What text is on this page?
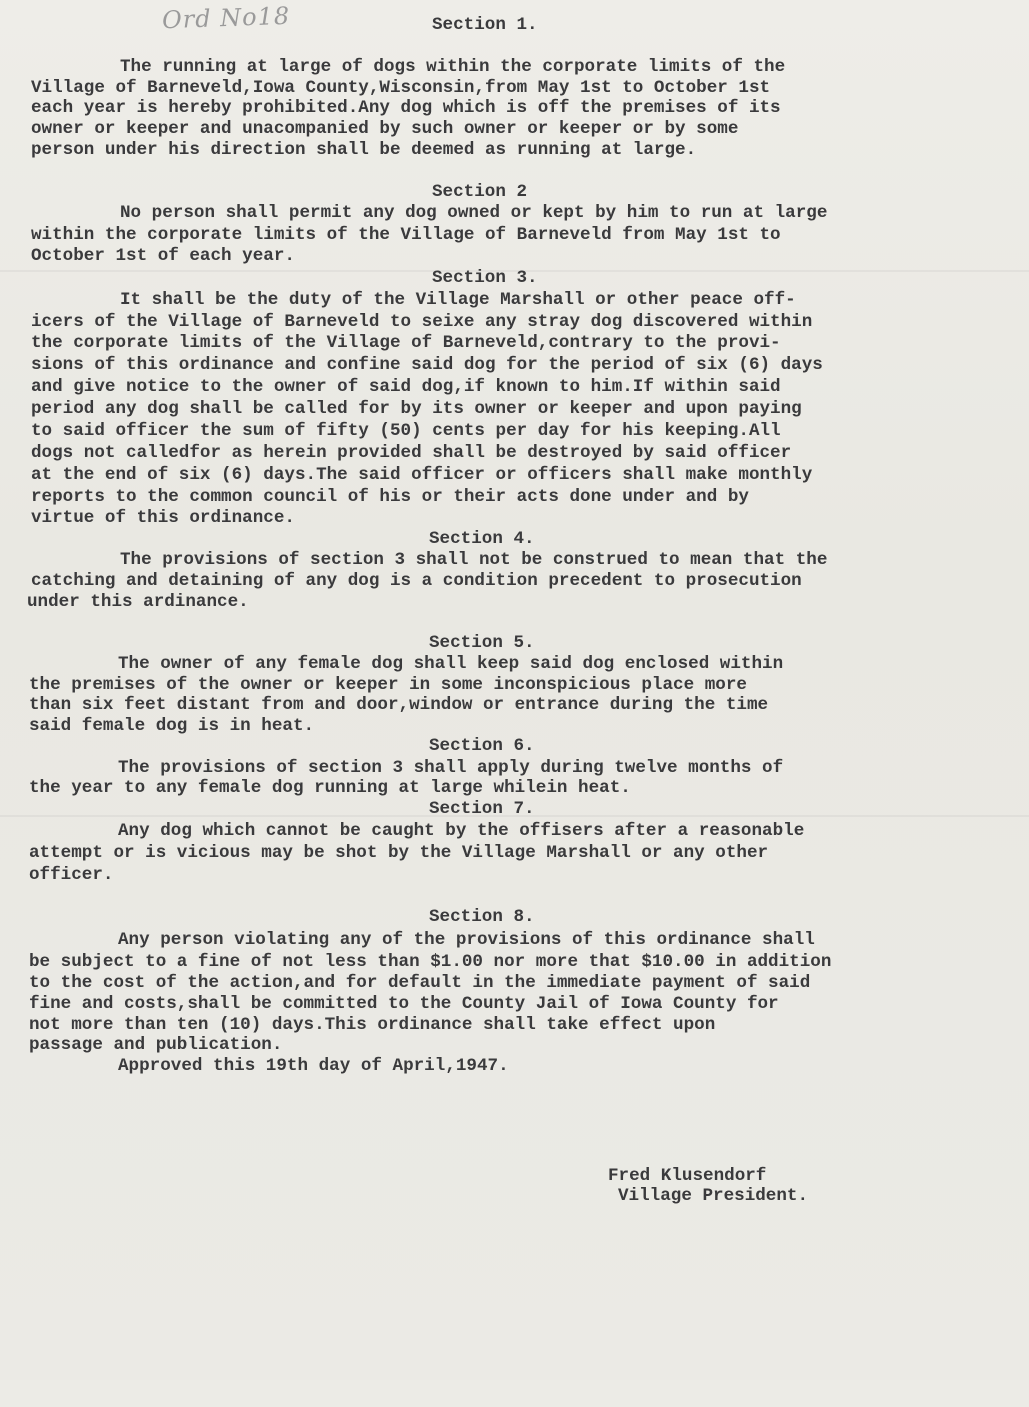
Ord No18

	Section 1.

The running at large of dogs within the corporate limits of the

Village of Barneveld,Iowa County,Wisconsin,from May 1st to October 1st

each year is hereby prohibited.Any dog which is off the premises of its

owner or keeper and unacompanied by such owner or keeper or by some

person under his direction shall be deemed as running at large.

Section 2

No person shall permit any dog owned or kept by him to run at large

within the corporate limits of the Village of Barneveld from May 1st to

October 1st of each year.

Section 3.

It shall be the duty of the Village Marshall or other peace off-

icers of the Village of Barneveld to seixe any stray dog discovered within

the corporate limits of the Village of Barneveld,contrary to the provi-

sions of this ordinance and confine said dog for the period of six (6) days

and give notice to the owner of said dog,if known to him.If within said

period any dog shall be called for by its owner or keeper and upon paying

to said officer the sum of fifty (50) cents per day for his keeping.All

dogs not calledfor as herein provided shall be destroyed by said officer

at the end of six (6) days.The said officer or officers shall make monthly

reports to the common council of his or their acts done under and by

virtue of this ordinance.

Section 4.

The provisions of section 3 shall not be construed to mean that the

catching and detaining of any dog is a condition precedent to prosecution

under this ardinance.

Section 5.

The owner of any female dog shall keep said dog enclosed within

the premises of the owner or keeper in some inconspicious place more

than six feet distant from and door,window or entrance during the time

said female dog is in heat.

Section 6.

The provisions of section 3 shall apply during twelve months of

the year to any female dog running at large whilein heat.

Section 7.

Any dog which cannot be caught by the offisers after a reasonable

attempt or is vicious may be shot by the Village Marshall or any other

officer.

Section 8.

Any person violating any of the provisions of this ordinance shall

be subject to a fine of not less than $1.00 nor more that $10.00 in addition

to the cost of the action,and for default in the immediate payment of said

fine and costs,shall be committed to the County Jail of Iowa County for

not more than ten (10) days.This ordinance shall take effect upon

passage and publication.

Approved this 19th day of April,1947.

Fred Klusendorf

Village President.
